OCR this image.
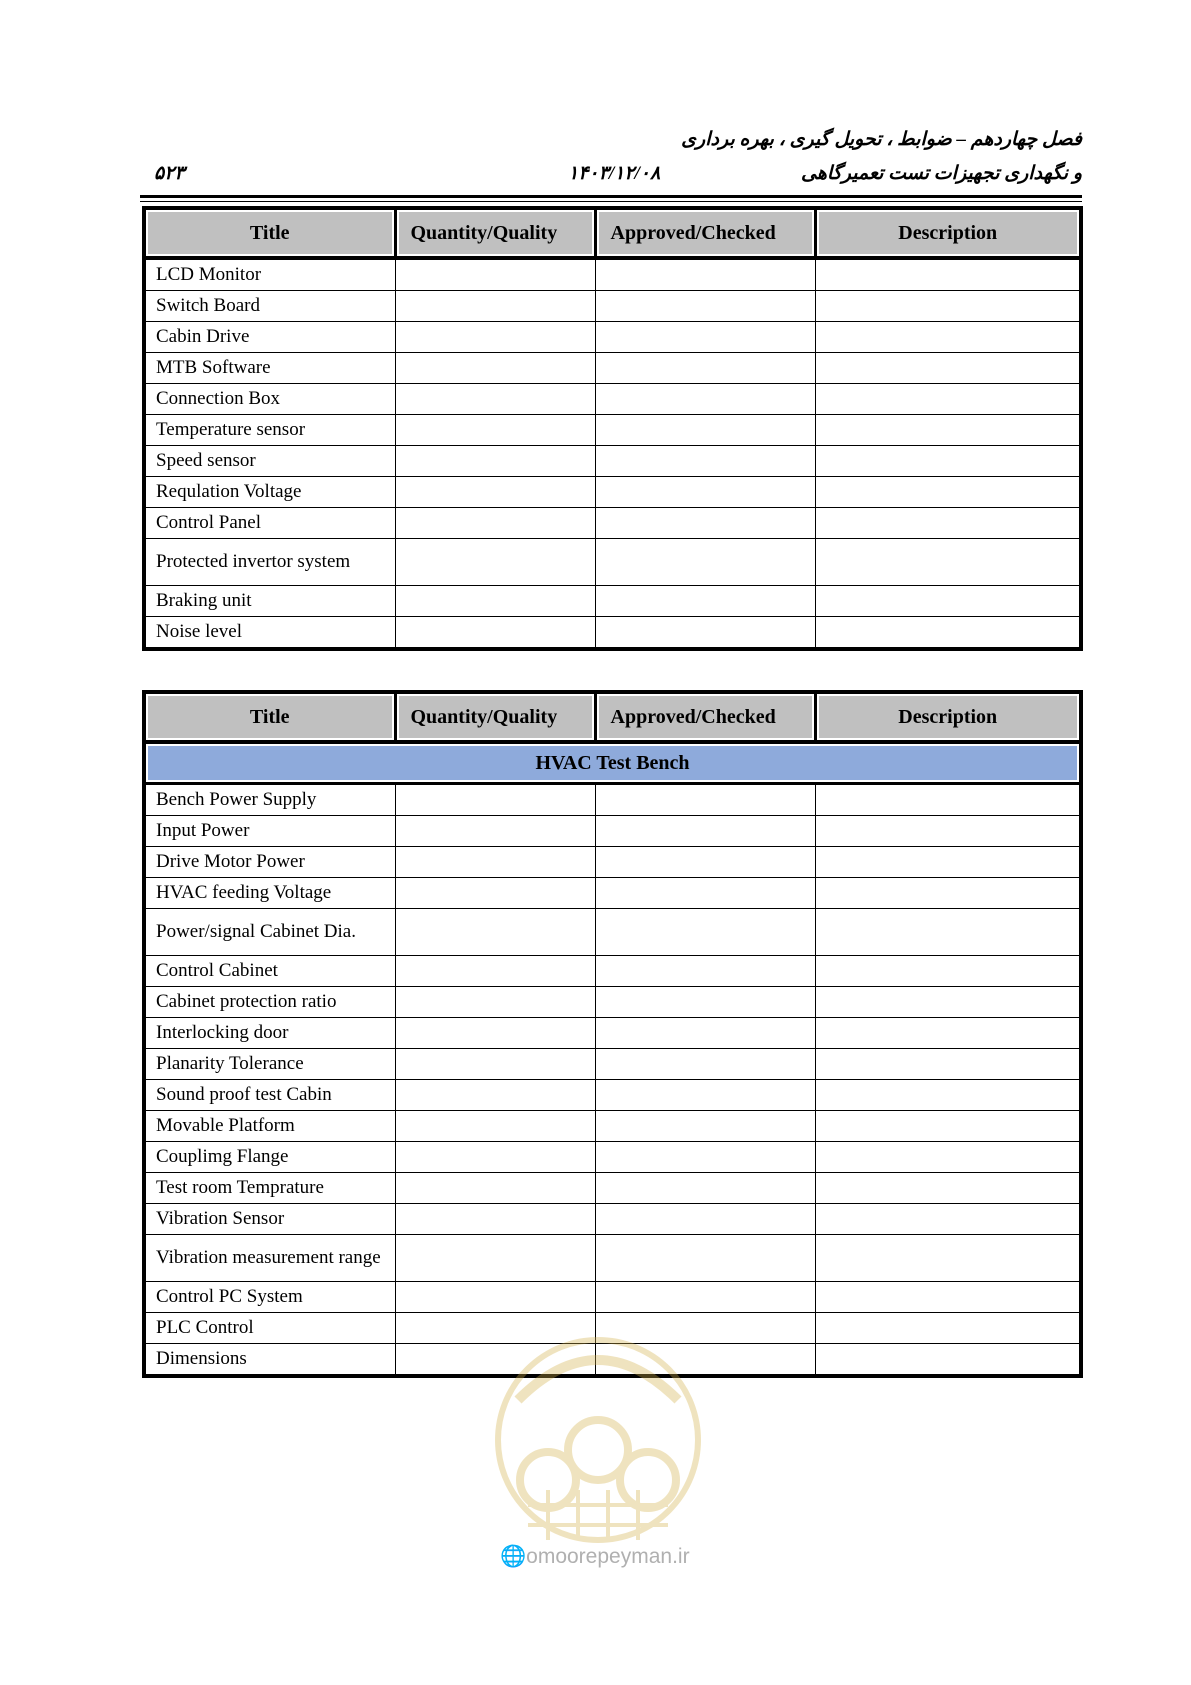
فصل چهاردهم – ضوابط ، تحویل گیری ، بهره برداری
و نگهداری تجهیزات تست تعمیرگاهی
۱۴۰۳/۱۲/۰۸
۵۲۳
Title	Quantity/Quality	Approved/Checked	Description
LCD Monitor			
Switch Board			
Cabin Drive			
MTB Software			
Connection Box			
Temperature sensor			
Speed sensor			
Requlation Voltage			
Control Panel			
Protected invertor system			
Braking unit			
Noise level			
Title	Quantity/Quality	Approved/Checked	Description
HVAC Test Bench			
Bench Power Supply			
Input Power			
Drive Motor Power			
HVAC feeding Voltage			
Power/signal Cabinet Dia.			
Control Cabinet			
Cabinet protection ratio			
Interlocking door			
Planarity Tolerance			
Sound proof test Cabin			
Movable Platform			
Couplimg Flange			
Test room Temprature			
Vibration Sensor			
Vibration measurement range			
Control PC System			
PLC Control			
Dimensions			
🌐omoorepeyman.ir
